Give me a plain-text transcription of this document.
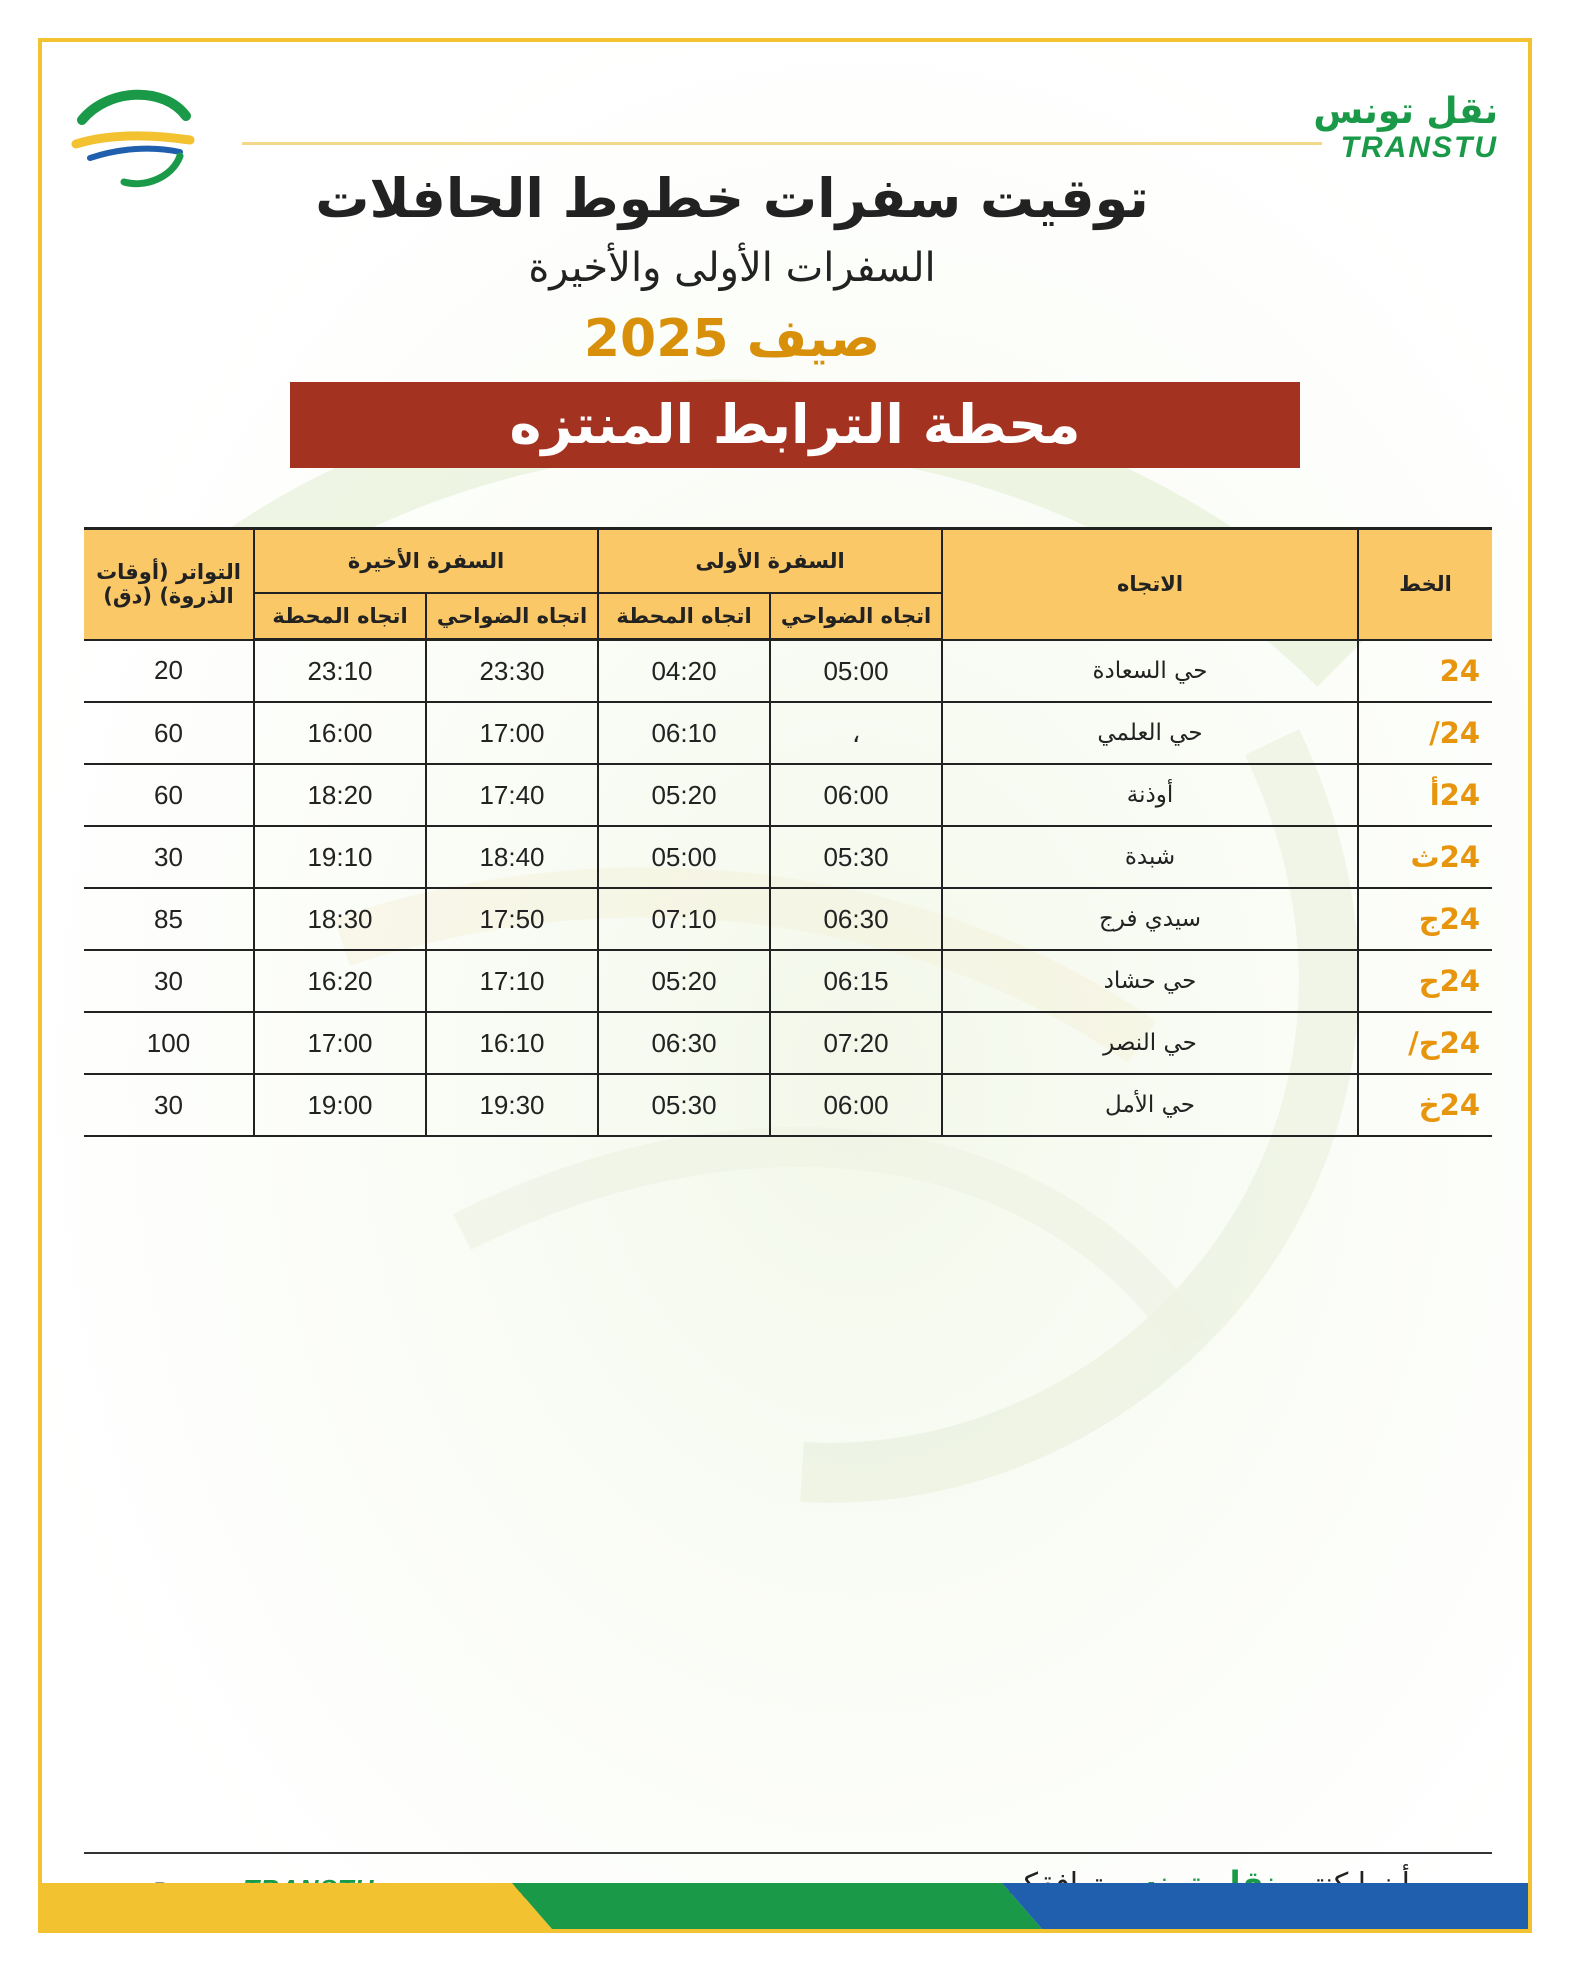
نقل تونس
TRANSTU
توقيت سفرات خطوط الحافلات
السفرات الأولى والأخيرة
صيف 2025
محطة الترابط المنتزه
الخط	الاتجاه	السفرة الأولى		السفرة الأخيرة		التواتر (أوقات الذروة) (دق)
		اتجاه الضواحي	اتجاه المحطة	اتجاه الضواحي	اتجاه المحطة	
24	حي السعادة	05:00	04:20	23:30	23:10	20
24/	حي العلمي	،	06:10	17:00	16:00	60
24أ	أوذنة	06:00	05:20	17:40	18:20	60
24ث	شبدة	05:30	05:00	18:40	19:10	30
24ج	سيدي فرج	06:30	07:10	17:50	18:30	85
24ح	حي حشاد	06:15	05:20	17:10	16:20	30
24ح/	حي النصر	07:20	06:30	16:10	17:00	100
24خ	حي الأمل	06:00	05:30	19:30	19:00	30
